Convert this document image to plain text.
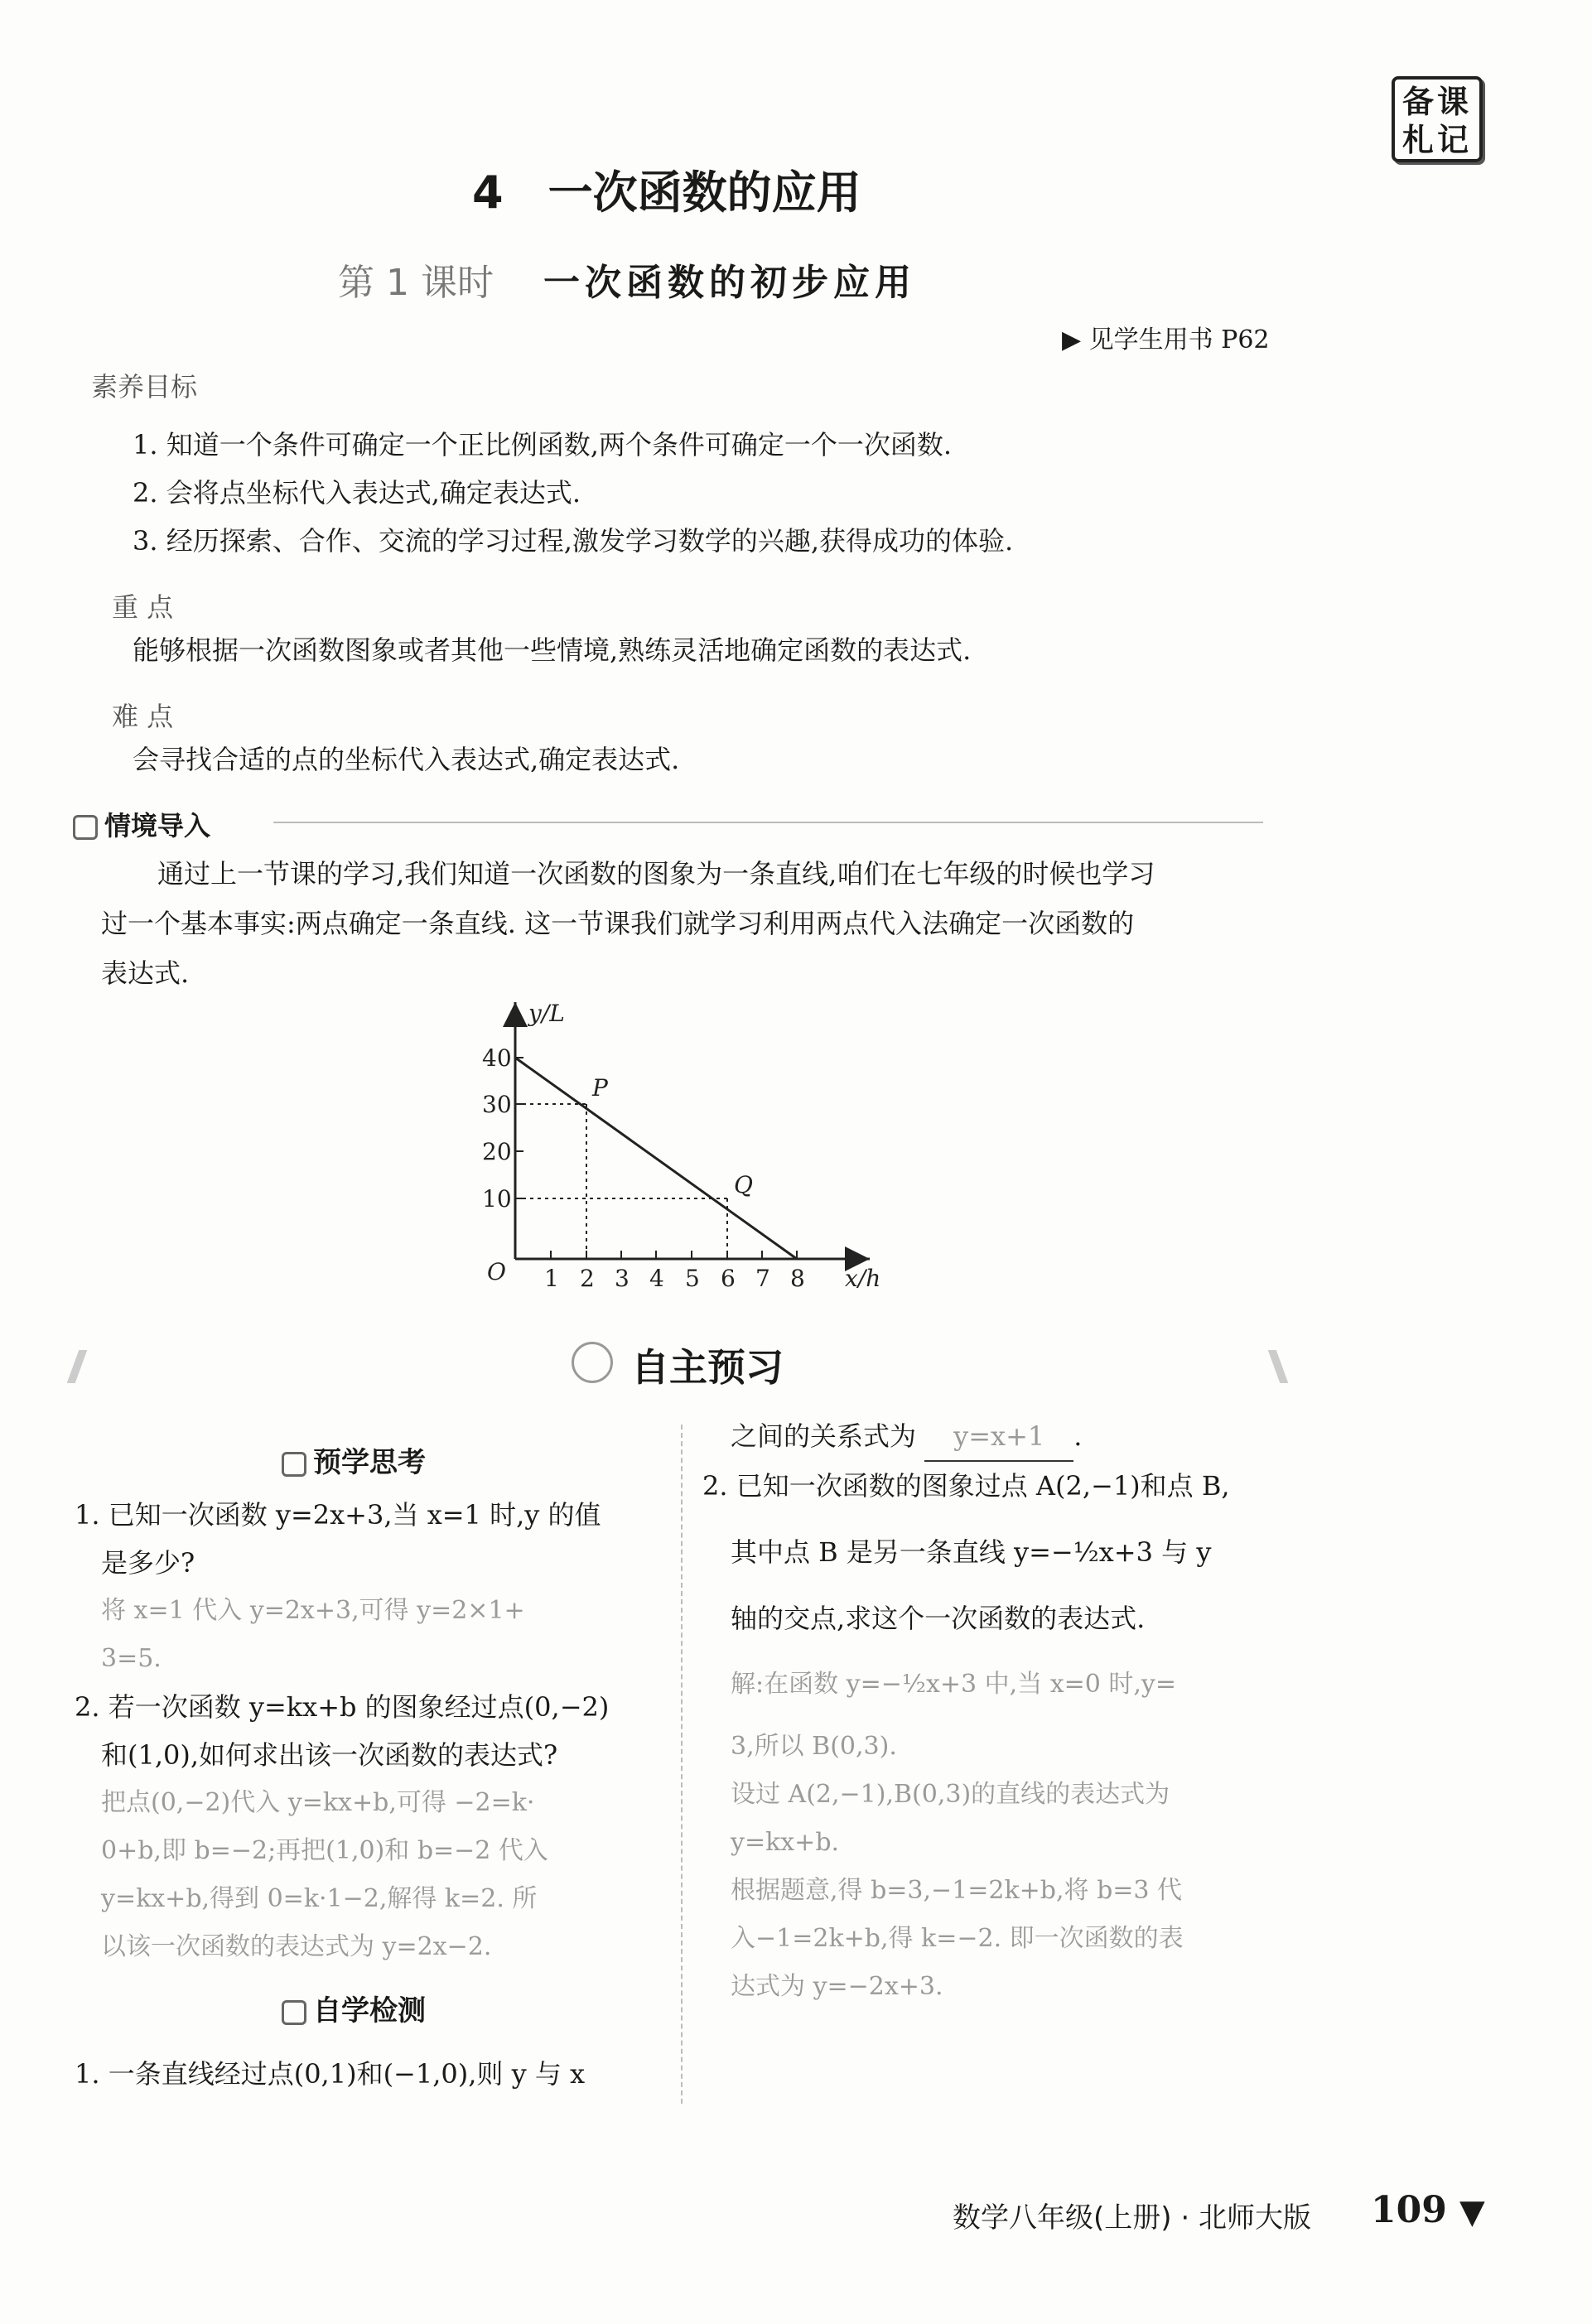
备课
札记
4　一次函数的应用
第 1 课时 一次函数的初步应用
▶ 见学生用书 P62
素养目标
1. 知道一个条件可确定一个正比例函数,两个条件可确定一个一次函数.
2. 会将点坐标代入表达式,确定表达式.
3. 经历探索、合作、交流的学习过程,激发学习数学的兴趣,获得成功的体验.
重 点
能够根据一次函数图象或者其他一些情境,熟练灵活地确定函数的表达式.
难 点
会寻找合适的点的坐标代入表达式,确定表达式.
情境导入
通过上一节课的学习,我们知道一次函数的图象为一条直线,咱们在七年级的时候也学习
过一个基本事实:两点确定一条直线. 这一节课我们就学习利用两点代入法确定一次函数的
表达式.
y/L
x/h
O
40
30
20
10
1 2 3 4 5 6 7 8
P
Q
自主预习
预学思考
1. 已知一次函数 y=2x+3,当 x=1 时,y 的值
是多少?
将 x=1 代入 y=2x+3,可得 y=2×1+
3=5.
2. 若一次函数 y=kx+b 的图象经过点(0,−2)
和(1,0),如何求出该一次函数的表达式?
把点(0,−2)代入 y=kx+b,可得 −2=k·
0+b,即 b=−2;再把(1,0)和 b=−2 代入
y=kx+b,得到 0=k·1−2,解得 k=2. 所
以该一次函数的表达式为 y=2x−2.
自学检测
1. 一条直线经过点(0,1)和(−1,0),则 y 与 x
之间的关系式为 y=x+1 .
2. 已知一次函数的图象过点 A(2,−1)和点 B,
其中点 B 是另一条直线 y=−½x+3 与 y
轴的交点,求这个一次函数的表达式.
解:在函数 y=−½x+3 中,当 x=0 时,y=
3,所以 B(0,3).
设过 A(2,−1),B(0,3)的直线的表达式为
y=kx+b.
根据题意,得 b=3,−1=2k+b,将 b=3 代
入−1=2k+b,得 k=−2. 即一次函数的表
达式为 y=−2x+3.
数学八年级(上册) · 北师大版 109 ▼
